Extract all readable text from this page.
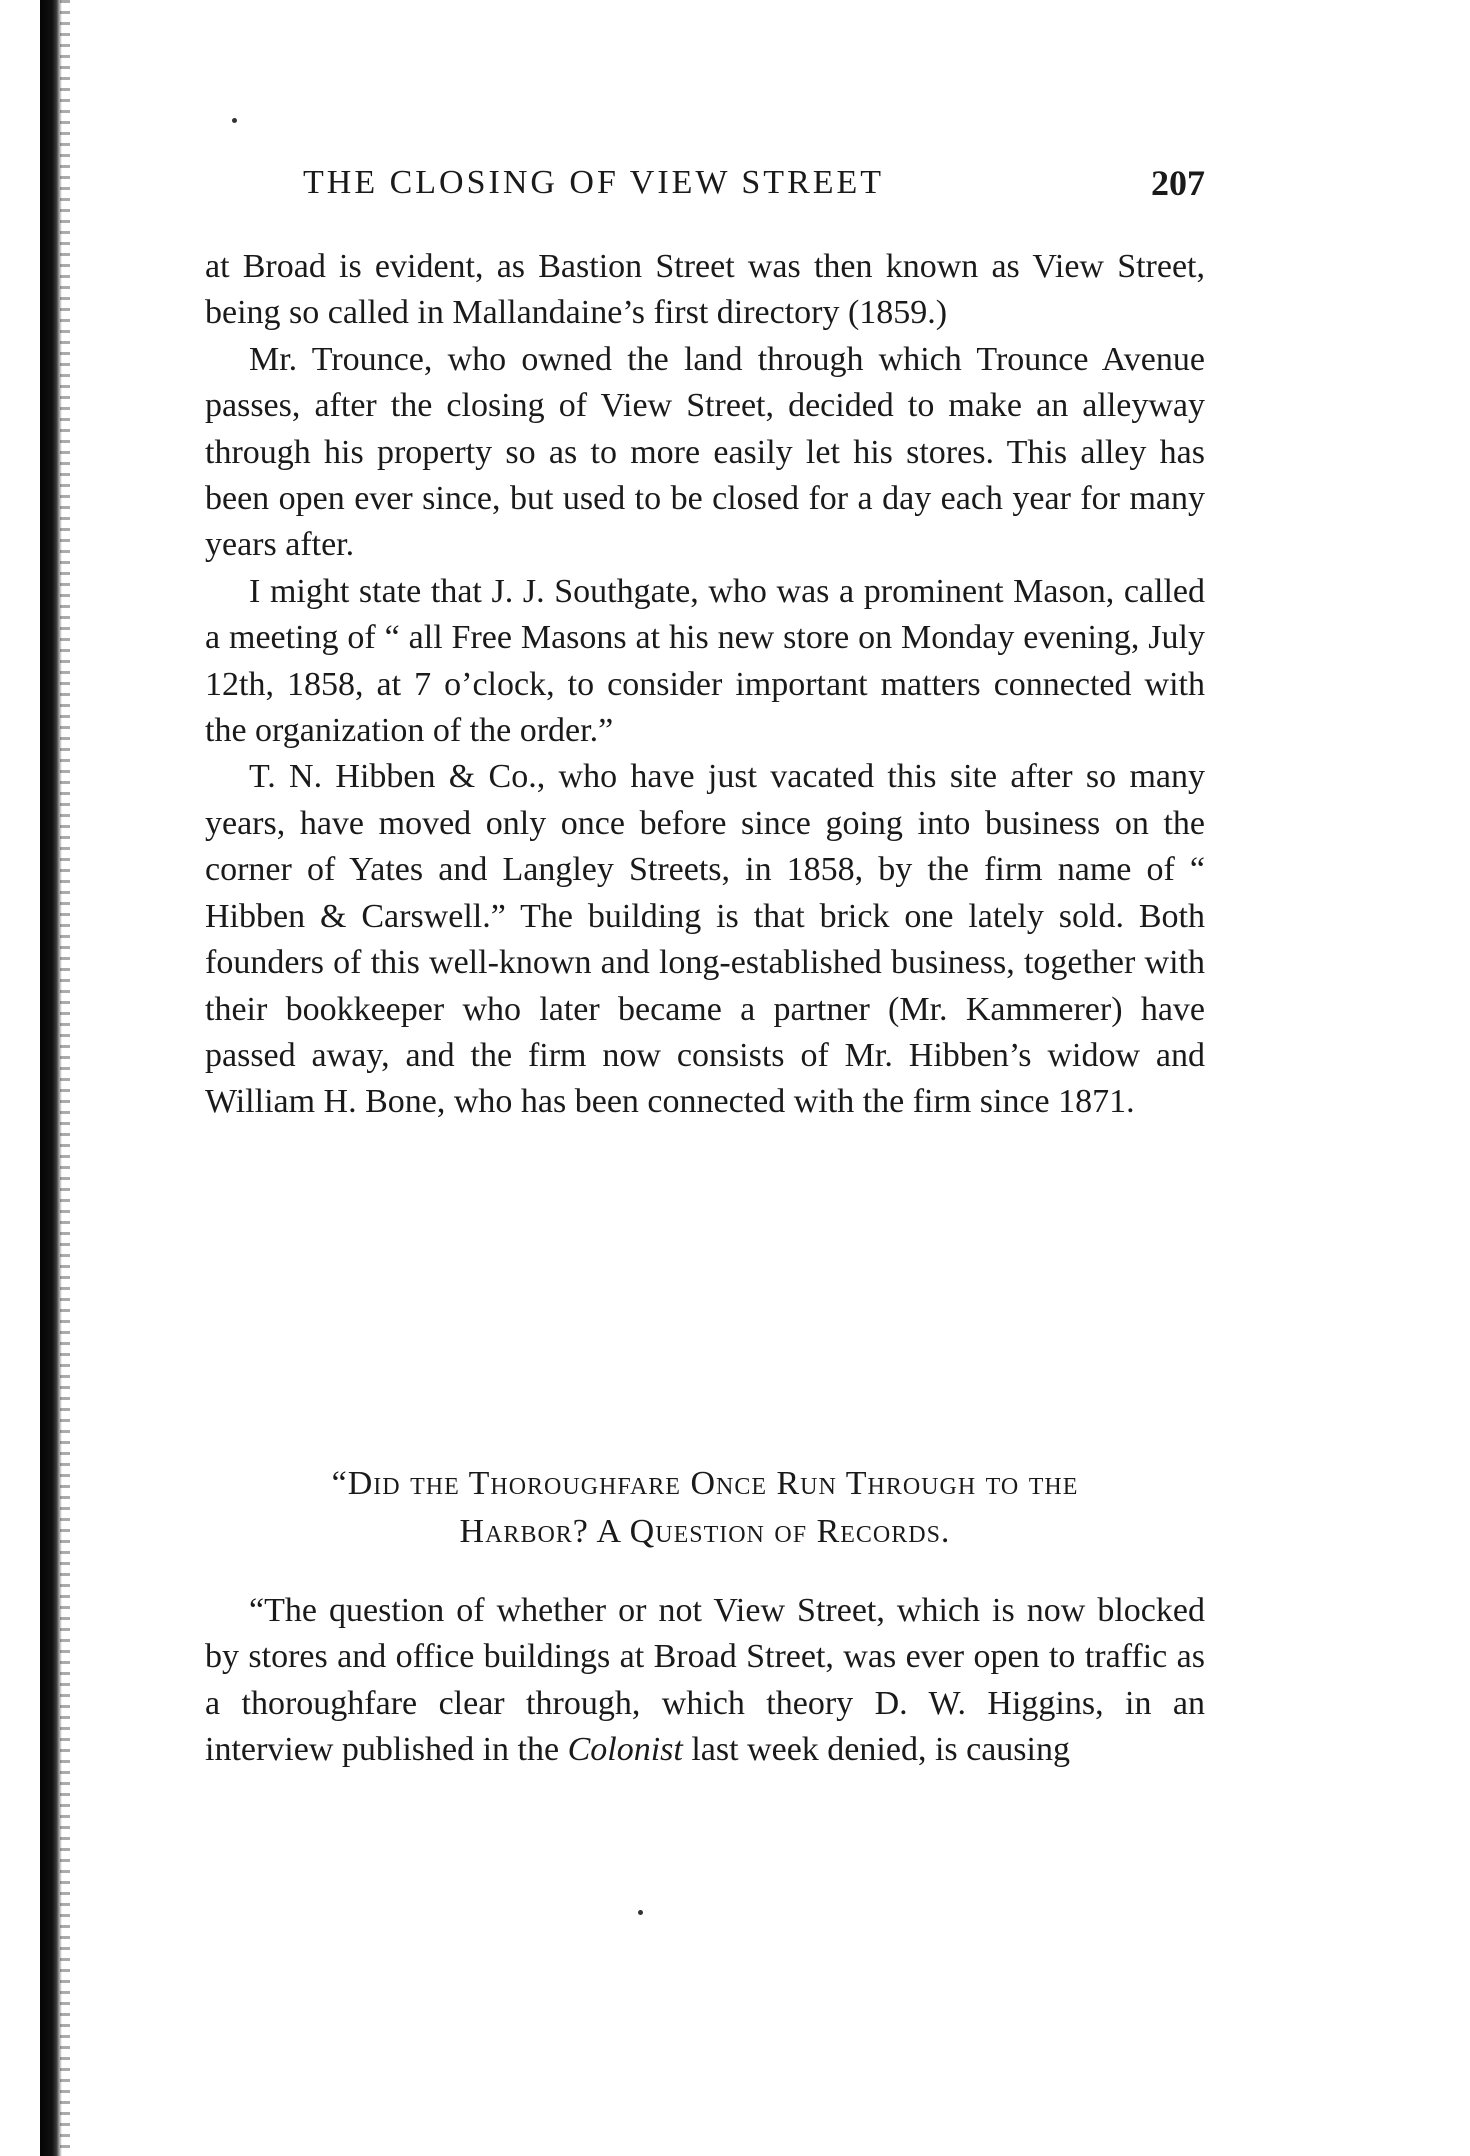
THE CLOSING OF VIEW STREET	207

at Broad is evident, as Bastion Street was then known as View Street, being so called in Mallandaine’s first directory (1859.)

Mr. Trounce, who owned the land through which Trounce Avenue passes, after the closing of View Street, decided to make an alleyway through his property so as to more easily let his stores. This alley has been open ever since, but used to be closed for a day each year for many years after.

I might state that J. J. Southgate, who was a prominent Mason, called a meeting of “ all Free Masons at his new store on Monday evening, July 12th, 1858, at 7 o’clock, to consider important matters connected with the organization of the order.”

T. N. Hibben & Co., who have just vacated this site after so many years, have moved only once before since going into business on the corner of Yates and Langley Streets, in 1858, by the firm name of “ Hibben & Carswell.” The building is that brick one lately sold. Both founders of this well-known and long-established business, together with their bookkeeper who later became a partner (Mr. Kammerer) have passed away, and the firm now consists of Mr. Hibben’s widow and William H. Bone, who has been connected with the firm since 1871.

“Did the Thoroughfare Once Run Through to the
Harbor? A Question of Records.

“The question of whether or not View Street, which is now blocked by stores and office buildings at Broad Street, was ever open to traffic as a thoroughfare clear through, which theory D. W. Higgins, in an interview published in the Colonist last week denied, is causing
